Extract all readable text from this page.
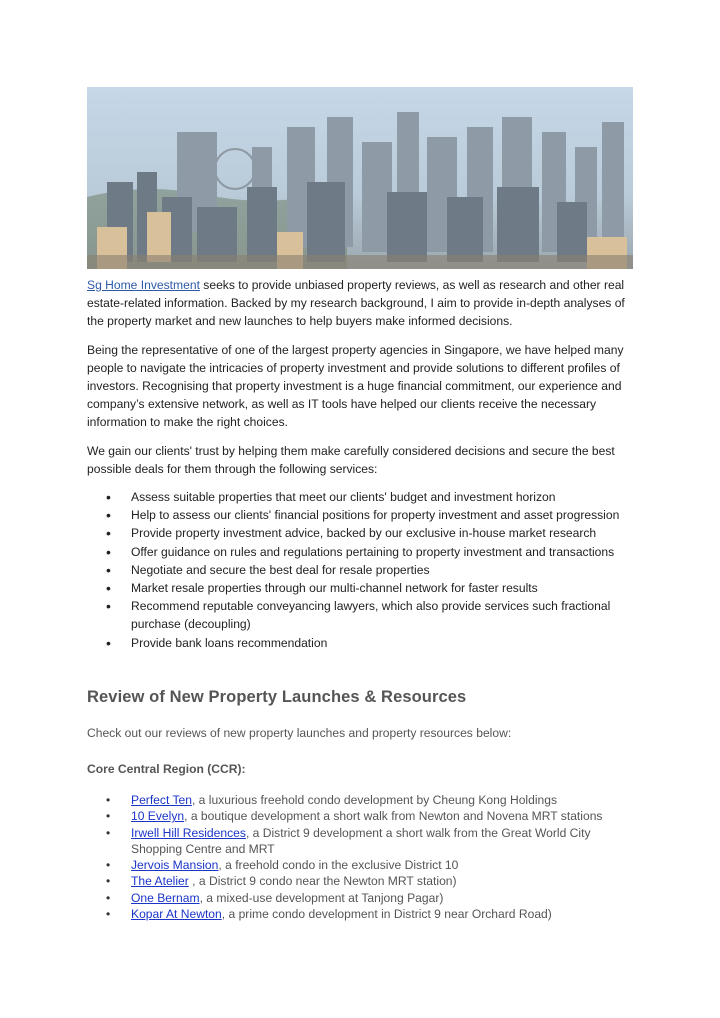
Sg Home Investment seeks to provide unbiased property reviews, as well as research and other real estate-related information. Backed by my research background, I aim to provide in-depth analyses of the property market and new launches to help buyers make informed decisions.

Being the representative of one of the largest property agencies in Singapore, we have helped many people to navigate the intricacies of property investment and provide solutions to different profiles of investors. Recognising that property investment is a huge financial commitment, our experience and company’s extensive network, as well as IT tools have helped our clients receive the necessary information to make the right choices.

We gain our clients' trust by helping them make carefully considered decisions and secure the best possible deals for them through the following services:

• Assess suitable properties that meet our clients' budget and investment horizon
• Help to assess our clients' financial positions for property investment and asset progression
• Provide property investment advice, backed by our exclusive in-house market research
• Offer guidance on rules and regulations pertaining to property investment and transactions
• Negotiate and secure the best deal for resale properties
• Market resale properties through our multi-channel network for faster results
• Recommend reputable conveyancing lawyers, which also provide services such fractional purchase (decoupling)
• Provide bank loans recommendation
Review of New Property Launches & Resources

Check out our reviews of new property launches and property resources below:

Core Central Region (CCR):

• Perfect Ten, a luxurious freehold condo development by Cheung Kong Holdings
• 10 Evelyn, a boutique development a short walk from Newton and Novena MRT stations
• Irwell Hill Residences, a District 9 development a short walk from the Great World City Shopping Centre and MRT
• Jervois Mansion, a freehold condo in the exclusive District 10
• The Atelier , a District 9 condo near the Newton MRT station)
• One Bernam, a mixed-use development at Tanjong Pagar)
• Kopar At Newton, a prime condo development in District 9 near Orchard Road)
